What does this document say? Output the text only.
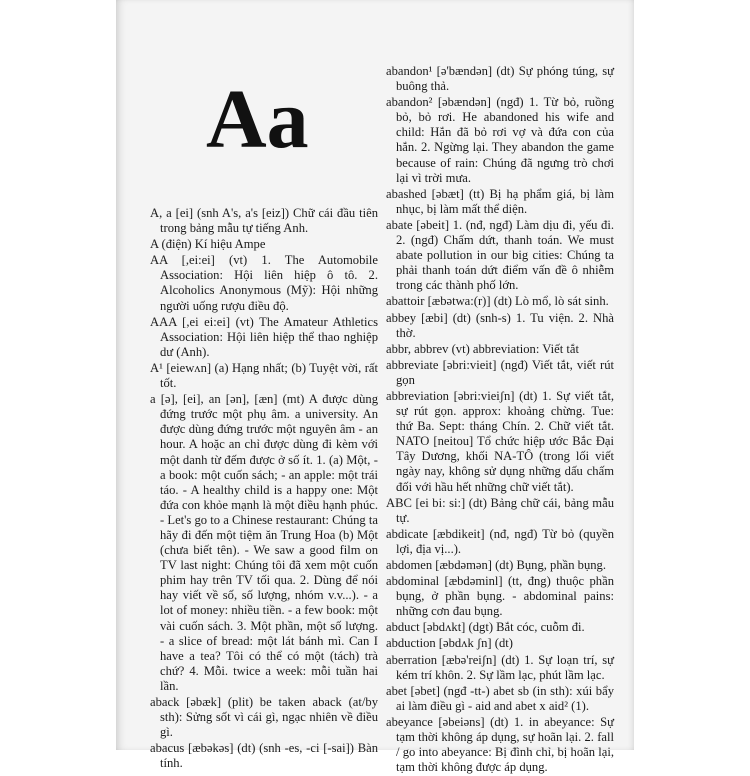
Aa
A, a [ei] (snh A's, a's [eiz]) Chữ cái đầu tiên trong bảng mẫu tự tiếng Anh.
A (điện) Kí hiệu Ampe
AA [,ei:ei] (vt) 1. The Automobile Association: Hội liên hiệp ô tô. 2. Alcoholics Anonymous (Mỹ): Hội những người uống rượu điều độ.
AAA [,ei ei:ei] (vt) The Amateur Athletics Association: Hội liên hiệp thể thao nghiệp dư (Anh).
A¹ [eiewʌn] (a) Hạng nhất; (b) Tuyệt vời, rất tốt.
a [ə], [ei], an [ən], [æn] (mt) A được dùng đứng trước một phụ âm. a university. An được dùng đứng trước một nguyên âm - an hour. A hoặc an chỉ được dùng đi kèm với một danh từ đếm được ở số ít. 1. (a) Một, - a book: một cuốn sách; - an apple: một trái táo. - A healthy child is a happy one: Một đứa con khỏe mạnh là một điều hạnh phúc. - Let's go to a Chinese restaurant: Chúng ta hãy đi đến một tiệm ăn Trung Hoa (b) Một (chưa biết tên). - We saw a good film on TV last night: Chúng tôi đã xem một cuốn phim hay trên TV tối qua. 2. Dùng để nói hay viết về số, số lượng, nhóm v.v...). - a lot of money: nhiều tiền. - a few book: một vài cuốn sách. 3. Một phần, một số lượng. - a slice of bread: một lát bánh mì. Can I have a tea? Tôi có thể có một (tách) trà chứ? 4. Mỗi. twice a week: mỗi tuần hai lần.
aback [əbæk] (plit) be taken aback (at/by sth): Sửng sốt vì cái gì, ngạc nhiên về điều gì.
abacus [æbəkəs] (dt) (snh -es, -ci [-sai]) Bàn tính.
abandon¹ [ə'bændən] (dt) Sự phóng túng, sự buông thả.
abandon² [əbændən] (ngđ) 1. Từ bỏ, ruồng bỏ, bỏ rơi. He abandoned his wife and child: Hắn đã bỏ rơi vợ và đứa con của hắn. 2. Ngừng lại. They abandon the game because of rain: Chúng đã ngưng trò chơi lại vì trời mưa.
abashed [əbæt] (tt) Bị hạ phẩm giá, bị làm nhục, bị làm mất thể diện.
abate [əbeit] 1. (nđ, ngđ) Làm dịu đi, yếu đi. 2. (ngđ) Chấm dứt, thanh toán. We must abate pollution in our big cities: Chúng ta phải thanh toán dứt điểm vấn đề ô nhiễm trong các thành phố lớn.
abattoir [æbətwa:(r)] (dt) Lò mổ, lò sát sinh.
abbey [æbi] (dt) (snh-s) 1. Tu viện. 2. Nhà thờ.
abbr, abbrev (vt) abbreviation: Viết tắt
abbreviate [əbri:vieit] (ngđ) Viết tắt, viết rút gọn
abbreviation [əbri:vieiʃn] (dt) 1. Sự viết tắt, sự rút gọn. approx: khoảng chừng. Tue: thứ Ba. Sept: tháng Chín. 2. Chữ viết tắt. NATO [neitou] Tổ chức hiệp ước Bắc Đại Tây Dương, khối NA-TÔ (trong lối viết ngày nay, không sử dụng những dấu chấm đối với hầu hết những chữ viết tắt).
ABC [ei bi: si:] (dt) Bảng chữ cái, bảng mẫu tự.
abdicate [æbdikeit] (nđ, ngđ) Từ bỏ (quyền lợi, địa vị...).
abdomen [æbdəmən] (dt) Bụng, phần bụng.
abdominal [æbdəminl] (tt, đng) thuộc phần bụng, ở phần bụng. - abdominal pains: những cơn đau bụng.
abduct [əbdʌkt] (dgt) Bắt cóc, cuỗm đi.
abduction [əbdʌk ʃn] (dt)
aberration [æbə'reiʃn] (dt) 1. Sự loạn trí, sự kém trí khôn. 2. Sự lầm lạc, phút lầm lạc.
abet [əbet] (ngđ -tt-) abet sb (in sth): xúi bẩy ai làm điều gì - aid and abet x aid² (1).
abeyance [əbeiəns] (dt) 1. in abeyance: Sự tạm thời không áp dụng, sự hoãn lại. 2. fall / go into abeyance: Bị đình chỉ, bị hoãn lại, tạm thời không được áp dụng.
